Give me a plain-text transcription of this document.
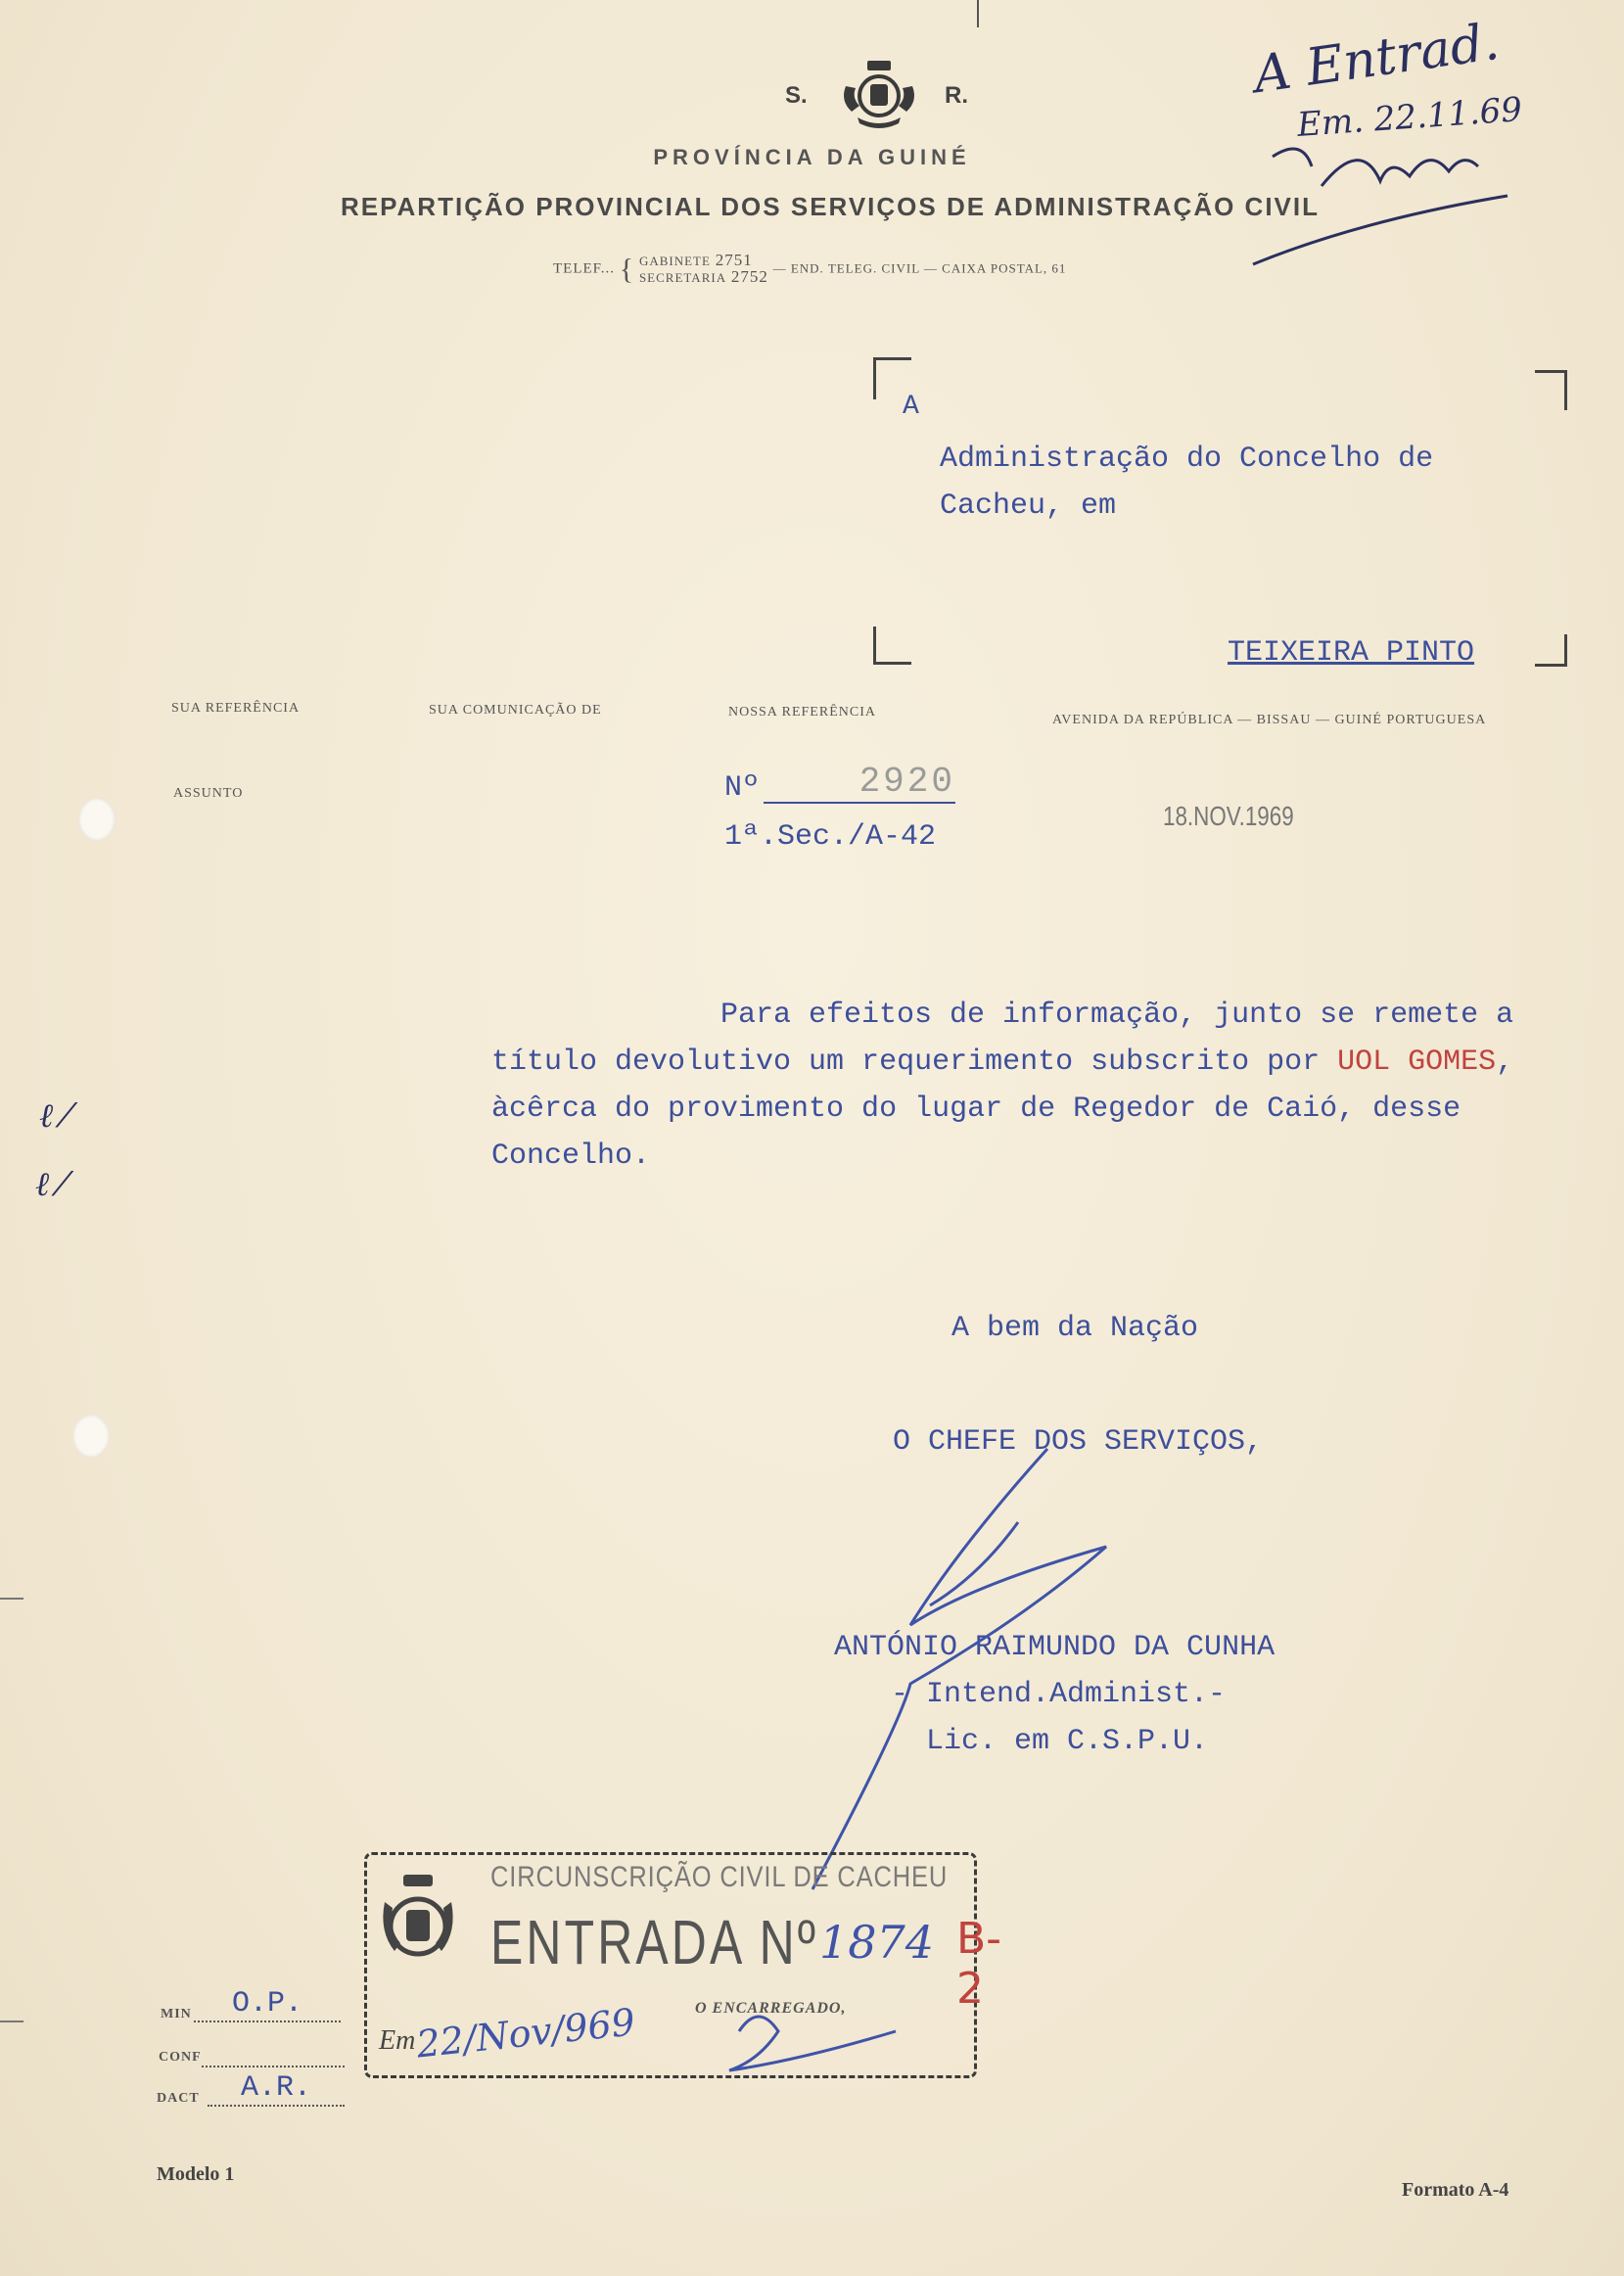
S.	R.
PROVÍNCIA DA GUINÉ
REPARTIÇÃO PROVINCIAL DOS SERVIÇOS DE ADMINISTRAÇÃO CIVIL
TELEF... { GABINETE 2751
SECRETARIA 2752 — END. TELEG. CIVIL — CAIXA POSTAL, 61
A Entrad.
Em. 22.11.69
A
Administração do Concelho de
Cacheu, em
TEIXEIRA PINTO
SUA REFERÊNCIA	SUA COMUNICAÇÃO DE	NOSSA REFERÊNCIA
AVENIDA DA REPÚBLICA — BISSAU — GUINÉ PORTUGUESA
ASSUNTO	Nº	2920
1ª.Sec./A-42
18.NOV.1969
Para efeitos de informação, junto se remete a
título devolutivo um requerimento subscrito por UOL GOMES,
àcêrca do provimento do lugar de Regedor de Caió, desse
Concelho.
ℓ ⁄
ℓ ⁄
A bem da Nação
O CHEFE DOS SERVIÇOS,
ANTÓNIO RAIMUNDO DA CUNHA
- Intend.Administ.-
Lic. em C.S.P.U.
CIRCUNSCRIÇÃO CIVIL DE CACHEU
ENTRADA Nº 1874 B-2
O ENCARREGADO,
Em
22/Nov/969
MIN	O.P.
CONF
DACT	A.R.
Modelo 1
Formato A-4
